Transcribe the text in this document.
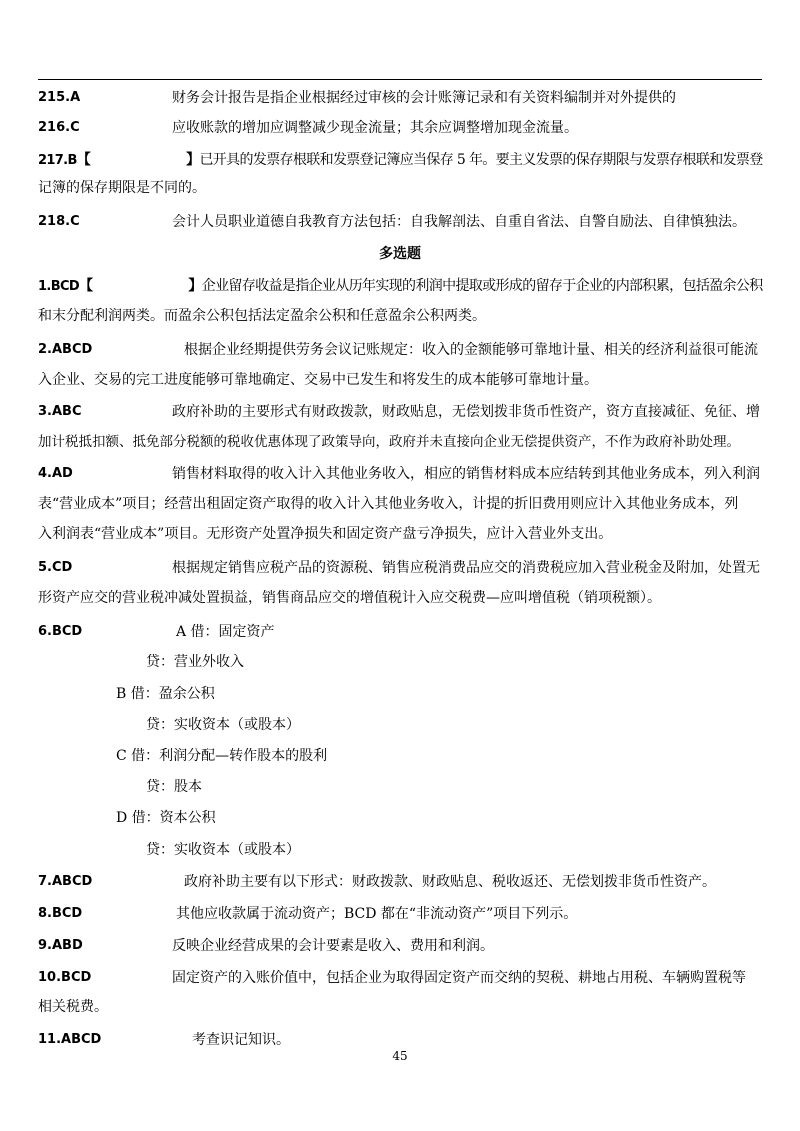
215.A	财务会计报告是指企业根据经过审核的会计账簿记录和有关资料编制并对外提供的
216.C	应收账款的增加应调整减少现金流量；其余应调整增加现金流量。
217.B【	】已开具的发票存根联和发票登记簿应当保存 5 年。要主义发票的保存期限与发票存根联和发票登
记簿的保存期限是不同的。
218.C	会计人员职业道德自我教育方法包括：自我解剖法、自重自省法、自警自励法、自律慎独法。
多选题
1.BCD【	】企业留存收益是指企业从历年实现的利润中提取或形成的留存于企业的内部积累，包括盈余公积
和末分配利润两类。而盈余公积包括法定盈余公积和任意盈余公积两类。
2.ABCD	根据企业经期提供劳务会议记账规定：收入的金额能够可靠地计量、相关的经济利益很可能流
入企业、交易的完工进度能够可靠地确定、交易中已发生和将发生的成本能够可靠地计量。
3.ABC	政府补助的主要形式有财政拨款，财政贴息，无偿划拨非货币性资产，资方直接减征、免征、增
加计税抵扣额、抵免部分税额的税收优惠体现了政策导向，政府并未直接向企业无偿提供资产，不作为政府补助处理。
4.AD	销售材料取得的收入计入其他业务收入，相应的销售材料成本应结转到其他业务成本，列入利润
表“营业成本”项目；经营出租固定资产取得的收入计入其他业务收入，计提的折旧费用则应计入其他业务成本，列
入利润表“营业成本”项目。无形资产处置净损失和固定资产盘亏净损失，应计入营业外支出。
5.CD	根据规定销售应税产品的资源税、销售应税消费品应交的消费税应加入营业税金及附加，处置无
形资产应交的营业税冲减处置损益，销售商品应交的增值税计入应交税费—应叫增值税（销项税额）。
6.BCD	A 借：固定资产
贷：营业外收入
B 借：盈余公积
贷：实收资本（或股本）
C 借：利润分配—转作股本的股利
贷：股本
D 借：资本公积
贷：实收资本（或股本）
7.ABCD	政府补助主要有以下形式：财政拨款、财政贴息、税收返还、无偿划拨非货币性资产。
8.BCD	其他应收款属于流动资产；BCD 都在“非流动资产”项目下列示。
9.ABD	反映企业经营成果的会计要素是收入、费用和利润。
10.BCD	固定资产的入账价值中，包括企业为取得固定资产而交纳的契税、耕地占用税、车辆购置税等
相关税费。
11.ABCD	考查识记知识。
45
